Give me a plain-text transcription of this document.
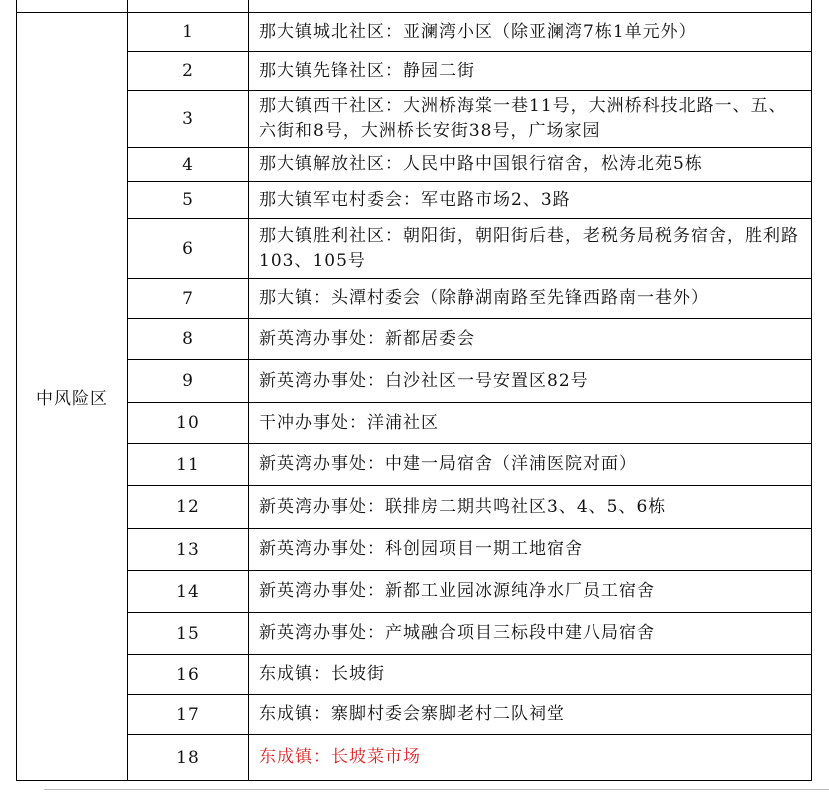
中风险区	1	那大镇城北社区：亚澜湾小区（除亚澜湾7栋1单元外）
	2	那大镇先锋社区：静园二街
	3	那大镇西干社区：大洲桥海棠一巷11号，大洲桥科技北路一、五、六街和8号，大洲桥长安街38号，广场家园
	4	那大镇解放社区：人民中路中国银行宿舍，松涛北苑5栋
	5	那大镇军屯村委会：军屯路市场2、3路
	6	那大镇胜利社区：朝阳街，朝阳街后巷，老税务局税务宿舍，胜利路103、105号
	7	那大镇：头潭村委会（除静湖南路至先锋西路南一巷外）
	8	新英湾办事处：新都居委会
	9	新英湾办事处：白沙社区一号安置区82号
	10	干冲办事处：洋浦社区
	11	新英湾办事处：中建一局宿舍（洋浦医院对面）
	12	新英湾办事处：联排房二期共鸣社区3、4、5、6栋
	13	新英湾办事处：科创园项目一期工地宿舍
	14	新英湾办事处：新都工业园冰源纯净水厂员工宿舍
	15	新英湾办事处：产城融合项目三标段中建八局宿舍
	16	东成镇：长坡街
	17	东成镇：寨脚村委会寨脚老村二队祠堂
	18	东成镇：长坡菜市场
